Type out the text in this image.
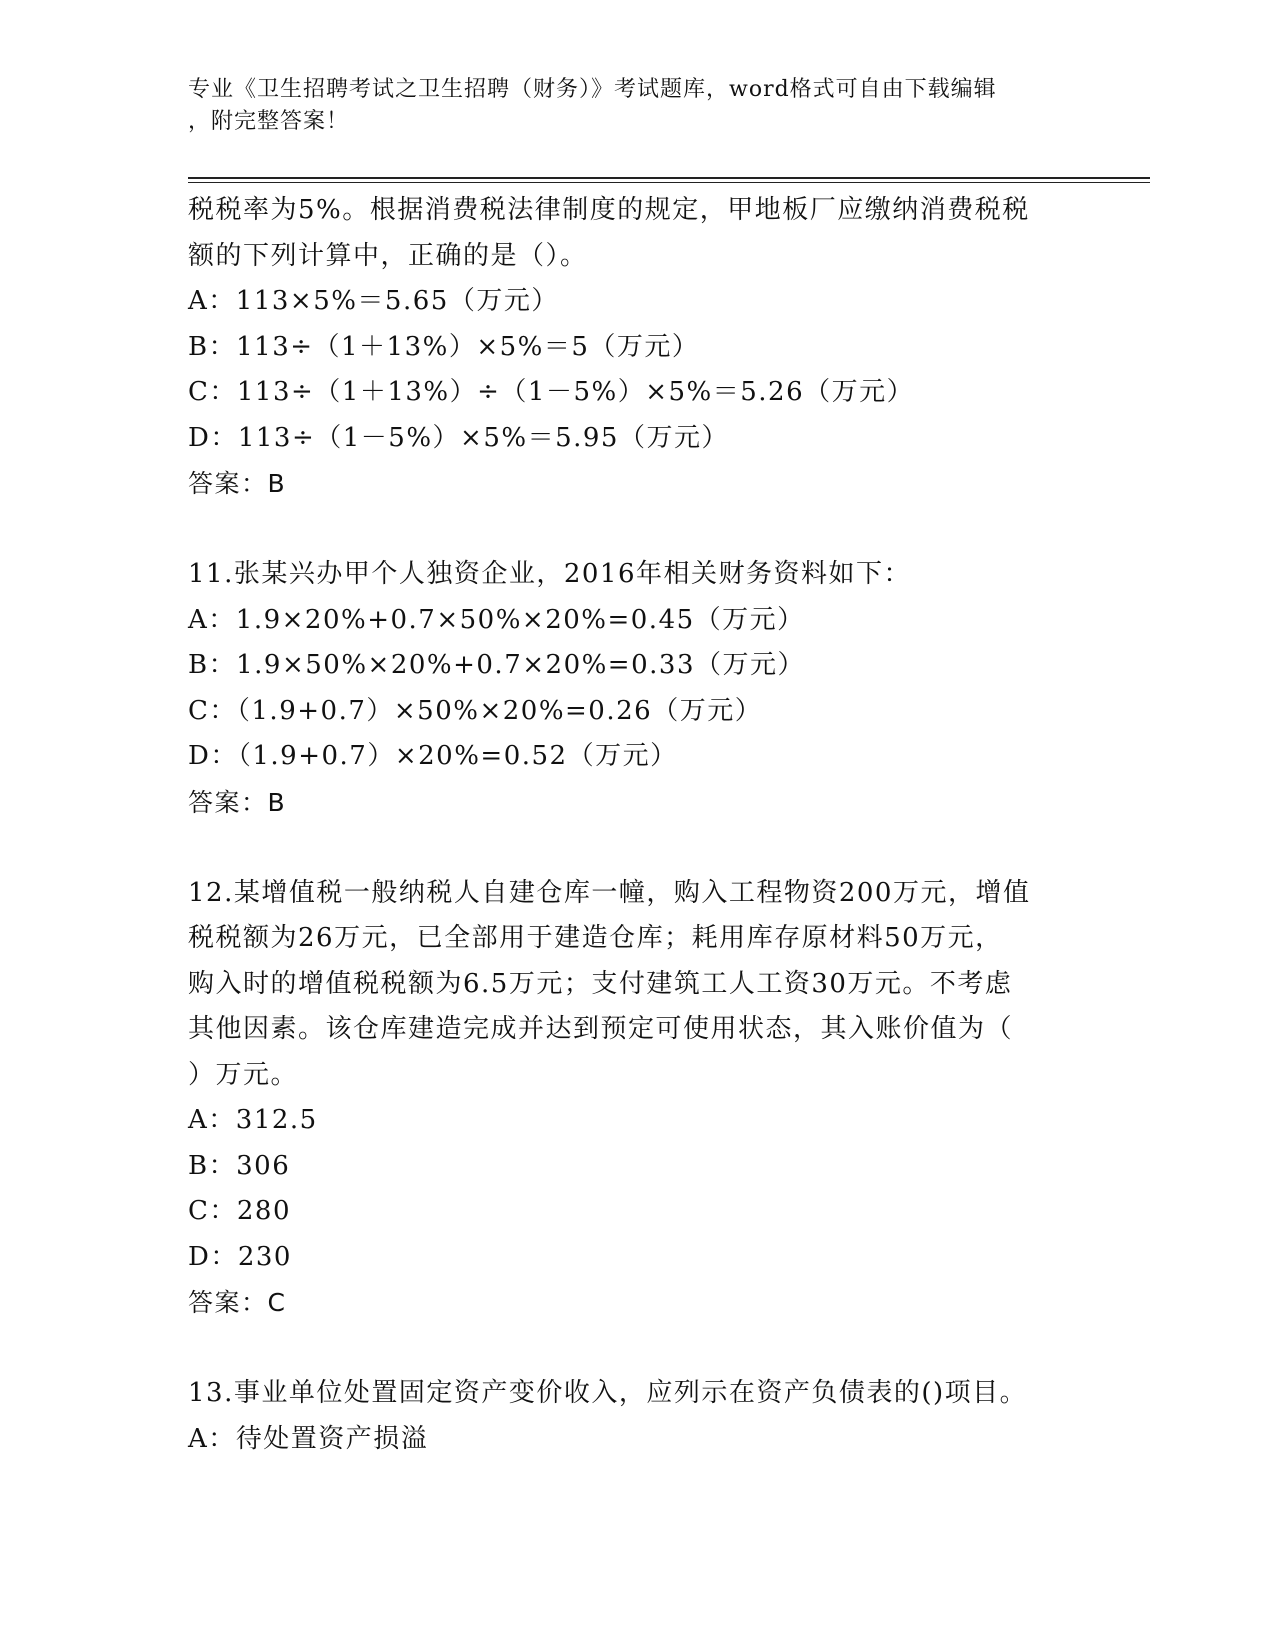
专业《卫生招聘考试之卫生招聘（财务）》考试题库，word格式可自由下载编辑
，附完整答案！
税税率为5%。根据消费税法律制度的规定，甲地板厂应缴纳消费税税
额的下列计算中，正确的是（）。
A：113×5%＝5.65（万元）
B：113÷（1＋13%）×5%＝5（万元）
C：113÷（1＋13%）÷（1－5%）×5%＝5.26（万元）
D：113÷（1－5%）×5%＝5.95（万元）
答案：B
11.张某兴办甲个人独资企业，2016年相关财务资料如下：
A：1.9×20%+0.7×50%×20%=0.45（万元）
B：1.9×50%×20%+0.7×20%=0.33（万元）
C：（1.9+0.7）×50%×20%=0.26（万元）
D：（1.9+0.7）×20%=0.52（万元）
答案：B
12.某增值税一般纳税人自建仓库一幢，购入工程物资200万元，增值
税税额为26万元，已全部用于建造仓库；耗用库存原材料50万元，
购入时的增值税税额为6.5万元；支付建筑工人工资30万元。不考虑
其他因素。该仓库建造完成并达到预定可使用状态，其入账价值为（
）万元。
A：312.5
B：306
C：280
D：230
答案：C
13.事业单位处置固定资产变价收入，应列示在资产负债表的()项目。
A：待处置资产损溢
